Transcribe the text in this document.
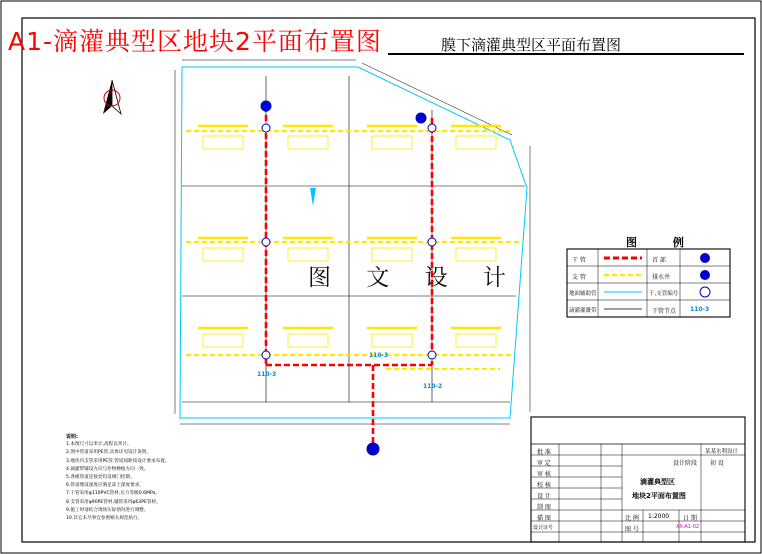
A1-滴灌典型区地块2平面布置图	膜下滴灌典型区平面布置图
图 文 设 计
110-3
110-2
110-3
图 例
干 管	首 部
支 管	排水井
地面辅助管	干,支管编号
滴灌灌溉带	干管节点 110-3
说明:
1.本图尺寸以米计,高程以米计。
2.图中管道采用PE管,具体详见设计说明。
3.地块内支管采用PE管,管道间距按设计要求布置。
4.滴灌带铺设方向与作物种植方向一致。
5.各级管道连接处均设阀门控制。
6.管道埋设深度应满足冻土深度要求。
7.干管采用φ110PVC管材,压力等级0.6MPa。
8.支管采用φ90PE管材,辅管采用φ63PE管材。
9.施工时请结合现场实际情况进行调整。
10.其它未尽事宜参照相关规范执行。
批 准
审 定
审 核
校 核
设 计
制 图
描 图
设计证号
某某水利设计
设计阶段 初 设
滴灌典型区
地块2平面布置图
比 例 1:2000 日 期
图 号	XX-A1-02
